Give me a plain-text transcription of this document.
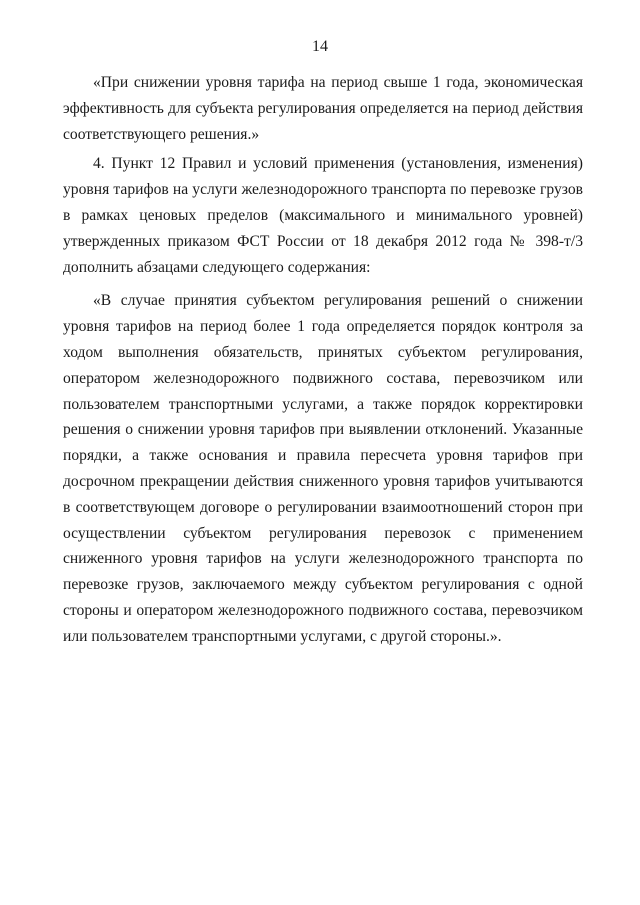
14

«При снижении уровня тарифа на период свыше 1 года, экономическая эффективность для субъекта регулирования определяется на период действия соответствующего решения.»

4. Пункт 12 Правил и условий применения (установления, изменения) уровня тарифов на услуги железнодорожного транспорта по перевозке грузов в рамках ценовых пределов (максимального и минимального уровней) утвержденных приказом ФСТ России от 18 декабря 2012 года № 398-т/3 дополнить абзацами следующего содержания:

«В случае принятия субъектом регулирования решений о снижении уровня тарифов на период более 1 года определяется порядок контроля за ходом выполнения обязательств, принятых субъектом регулирования, оператором железнодорожного подвижного состава, перевозчиком или пользователем транспортными услугами, а также порядок корректировки решения о снижении уровня тарифов при выявлении отклонений. Указанные порядки, а также основания и правила пересчета уровня тарифов при досрочном прекращении действия сниженного уровня тарифов учитываются в соответствующем договоре о регулировании взаимоотношений сторон при осуществлении субъектом регулирования перевозок с применением сниженного уровня тарифов на услуги железнодорожного транспорта по перевозке грузов, заключаемого между субъектом регулирования с одной стороны и оператором железнодорожного подвижного состава, перевозчиком или пользователем транспортными услугами, с другой стороны.».
